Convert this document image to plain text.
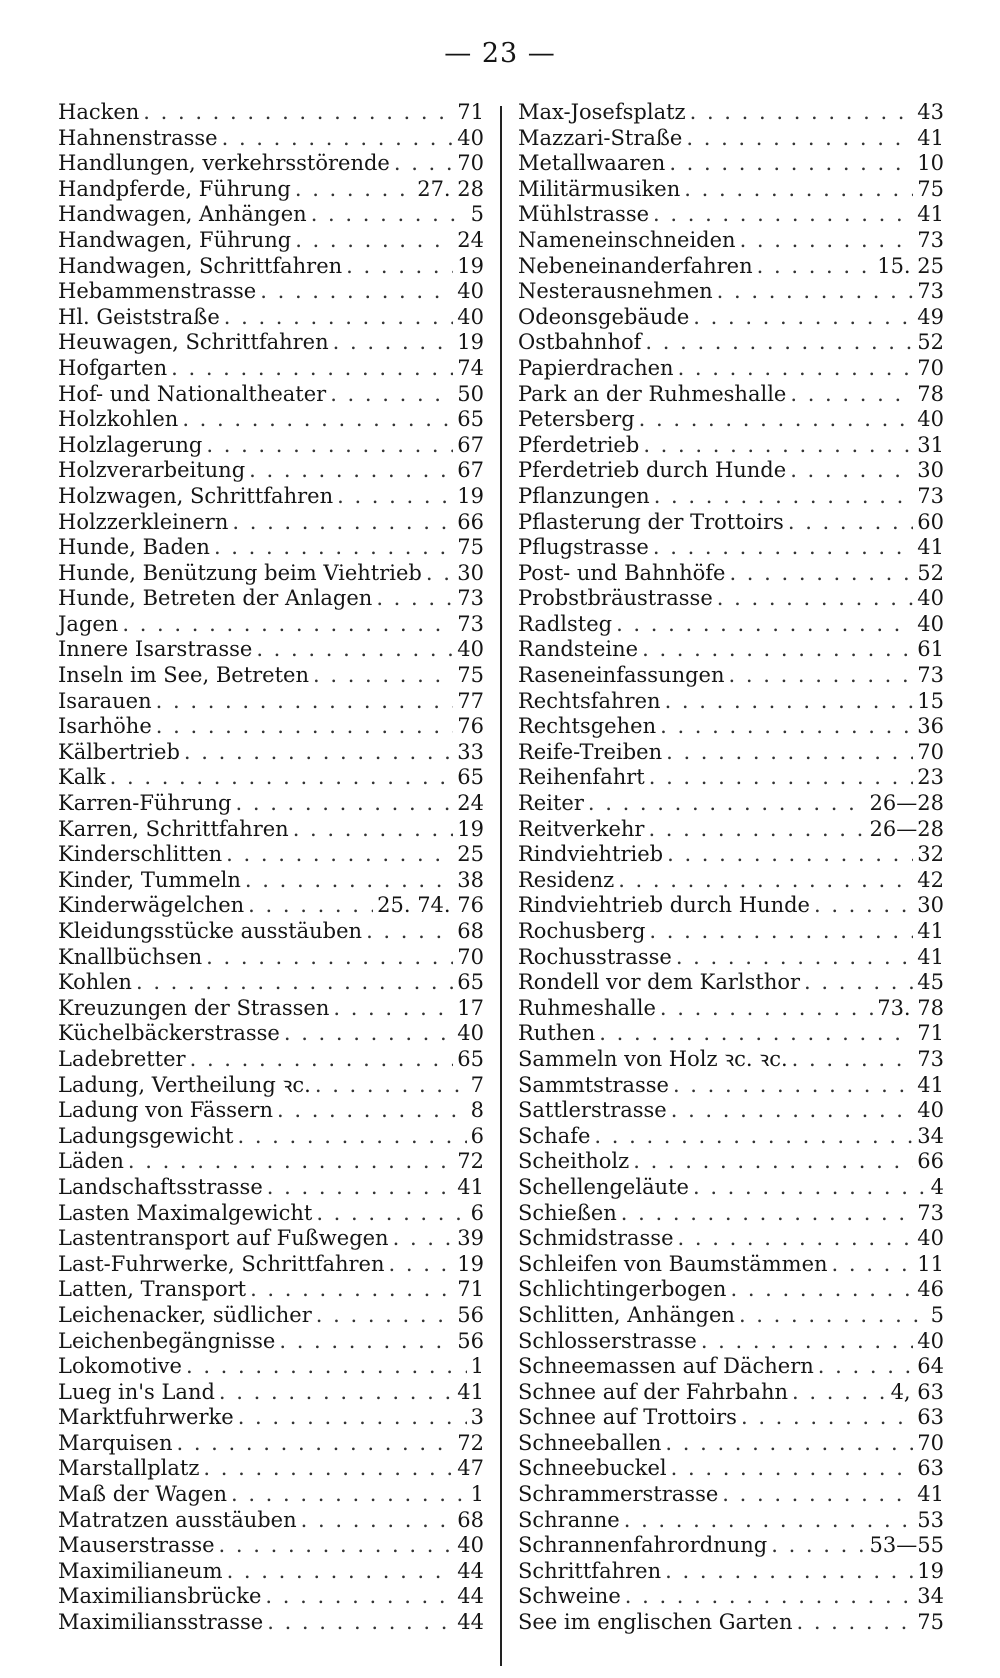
— 23 —
Hacken . . .	71
Hahnenstrasse . . .	40
Handlungen, verkehrsstörende . . .	70
Handpferde, Führung . . .	27. 28
Handwagen, Anhängen . . .	5
Handwagen, Führung . . .	24
Handwagen, Schrittfahren . . .	19
Hebammenstrasse . . .	40
Hl. Geiststraße . . .	40
Heuwagen, Schrittfahren . . .	19
Hofgarten . . .	74
Hof- und Nationaltheater . . .	50
Holzkohlen . . .	65
Holzlagerung . . .	67
Holzverarbeitung . . .	67
Holzwagen, Schrittfahren . . .	19
Holzzerkleinern . . .	66
Hunde, Baden . . .	75
Hunde, Benützung beim Viehtrieb . . . 30
Hunde, Betreten der Anlagen . . .	73
Jagen . . .	73
Innere Isarstrasse . . .	40
Inseln im See, Betreten . . .	75
Isarauen . . .	77
Isarhöhe . . .	76
Kälbertrieb . . .	33
Kalk . . .	65
Karren-Führung . . .	24
Karren, Schrittfahren . . .	19
Kinderschlitten . . .	25
Kinder, Tummeln . . .	38
Kinderwägelchen . . .	25. 74. 76
Kleidungsstücke ausstäuben . . .	68
Knallbüchsen . . .	70
Kohlen . . .	65
Kreuzungen der Strassen . . .	17
Küchelbäckerstrasse . . .	40
Ladebretter . . .	65
Ladung, Vertheilung ꝛc. . . .	7
Ladung von Fässern . . .	8
Ladungsgewicht . . .	6
Läden . . .	72
Landschaftsstrasse . . .	41
Lasten Maximalgewicht . . .	6
Lastentransport auf Fußwegen . . .	39
Last-Fuhrwerke, Schrittfahren . . .	19
Latten, Transport . . .	71
Leichenacker, südlicher . . .	56
Leichenbegängnisse . . .	56
Lokomotive . . .	1
Lueg in's Land . . .	41
Marktfuhrwerke . . .	3
Marquisen . . .	72
Marstallplatz . . .	47
Maß der Wagen . . .	1
Matratzen ausstäuben . . .	68
Mauserstrasse . . .	40
Maximilianeum . . .	44
Maximiliansbrücke . . .	44
Maximiliansstrasse . . .	44
Max-Josefsplatz . . .	43
Mazzari-Straße . . .	41
Metallwaaren . . .	10
Militärmusiken . . .	75
Mühlstrasse . . .	41
Nameneinschneiden . . .	73
Nebeneinanderfahren . . .	15. 25
Nesterausnehmen . . .	73
Odeonsgebäude . . .	49
Ostbahnhof . . .	52
Papierdrachen . . .	70
Park an der Ruhmeshalle . . .	78
Petersberg . . .	40
Pferdetrieb . . .	31
Pferdetrieb durch Hunde . . .	30
Pflanzungen . . .	73
Pflasterung der Trottoirs . . .	60
Pflugstrasse . . .	41
Post- und Bahnhöfe . . .	52
Probstbräustrasse . . .	40
Radlsteg . . .	40
Randsteine . . .	61
Raseneinfassungen . . .	73
Rechtsfahren . . .	15
Rechtsgehen . . .	36
Reife-Treiben . . .	70
Reihenfahrt . . .	23
Reiter . . .	26—28
Reitverkehr . . .	26—28
Rindviehtrieb . . .	32
Residenz . . .	42
Rindviehtrieb durch Hunde . . .	30
Rochusberg . . .	41
Rochusstrasse . . .	41
Rondell vor dem Karlsthor . . .	45
Ruhmeshalle . . .	73. 78
Ruthen . . .	71
Sammeln von Holz ꝛc. ꝛc. . . .	73
Sammtstrasse . . .	41
Sattlerstrasse . . .	40
Schafe . . .	34
Scheitholz . . .	66
Schellengeläute . . .	4
Schießen . . .	73
Schmidstrasse . . .	40
Schleifen von Baumstämmen . . .	11
Schlichtingerbogen . . .	46
Schlitten, Anhängen . . .	5
Schlosserstrasse . . .	40
Schneemassen auf Dächern . . .	64
Schnee auf der Fahrbahn . . .	4, 63
Schnee auf Trottoirs . . .	63
Schneeballen . . .	70
Schneebuckel . . .	63
Schrammerstrasse . . .	41
Schranne . . .	53
Schrannenfahrordnung . . .	53—55
Schrittfahren . . .	19
Schweine . . .	34
See im englischen Garten . . .	75
